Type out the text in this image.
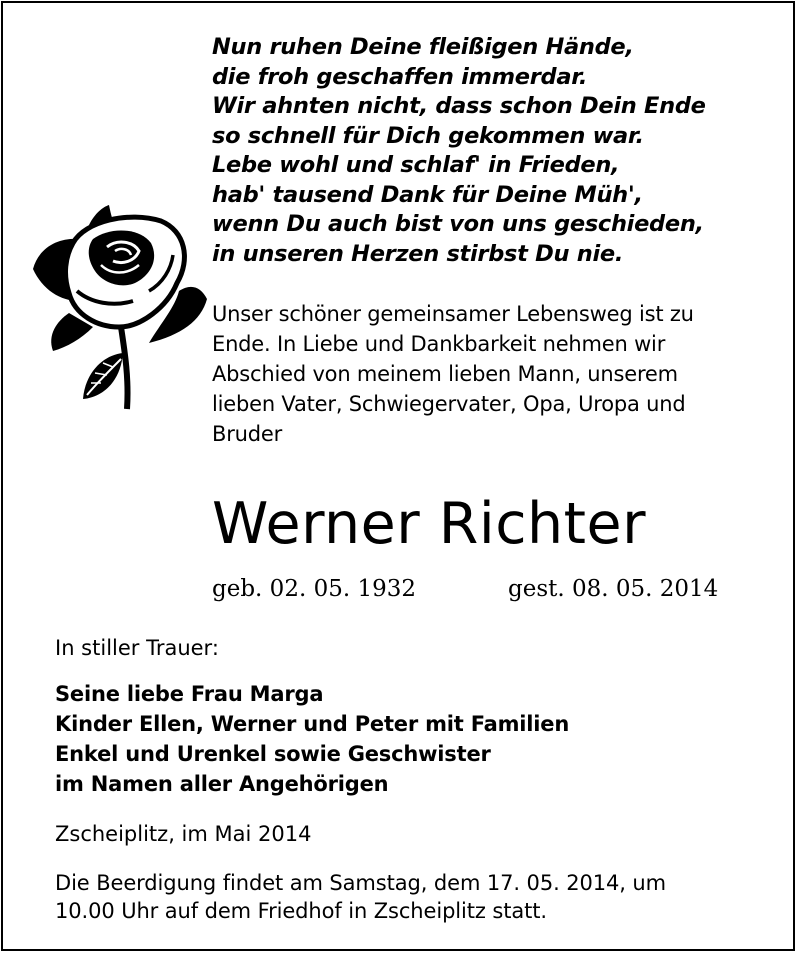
Nun ruhen Deine fleißigen Hände,
die froh geschaffen immerdar.
Wir ahnten nicht, dass schon Dein Ende
so schnell für Dich gekommen war.
Lebe wohl und schlaf' in Frieden,
hab' tausend Dank für Deine Müh',
wenn Du auch bist von uns geschieden,
in unseren Herzen stirbst Du nie.
Unser schöner gemeinsamer Lebensweg ist zu
Ende. In Liebe und Dankbarkeit nehmen wir
Abschied von meinem lieben Mann, unserem
lieben Vater, Schwiegervater, Opa, Uropa und
Bruder
Werner Richter
geb. 02. 05. 1932	gest. 08. 05. 2014
In stiller Trauer:
Seine liebe Frau Marga
Kinder Ellen, Werner und Peter mit Familien
Enkel und Urenkel sowie Geschwister
im Namen aller Angehörigen
Zscheiplitz, im Mai 2014
Die Beerdigung findet am Samstag, dem 17. 05. 2014, um
10.00 Uhr auf dem Friedhof in Zscheiplitz statt.
